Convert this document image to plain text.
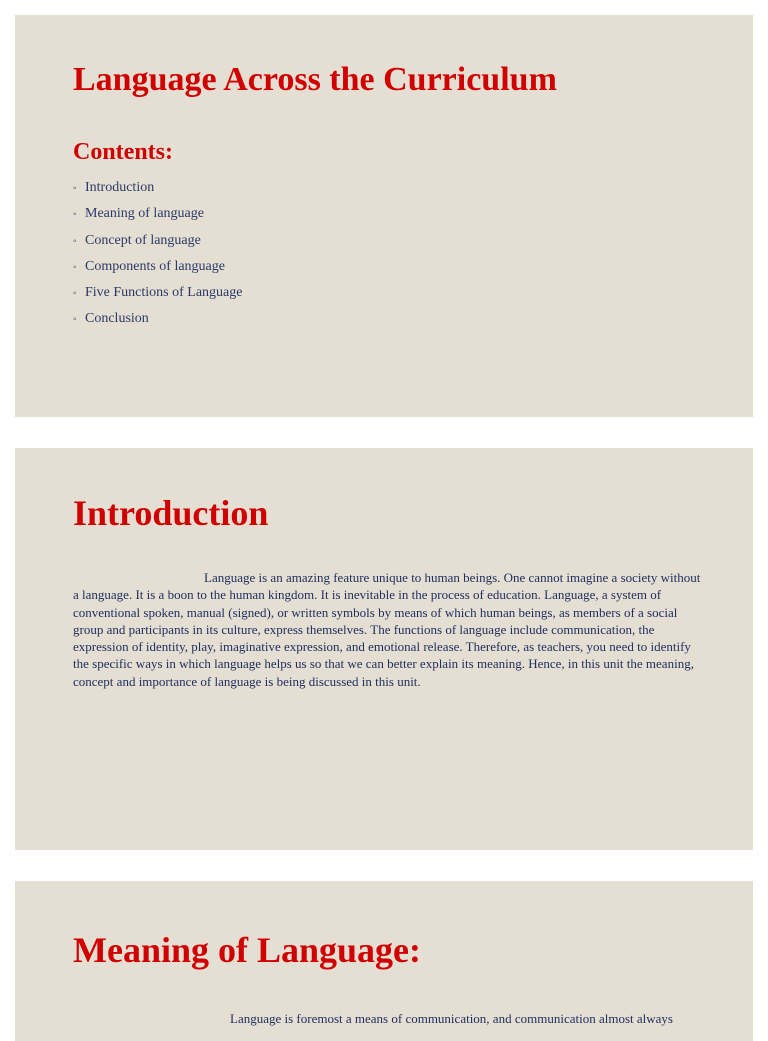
Language Across the Curriculum
Contents:
◦ Introduction
◦ Meaning of language
◦ Concept of language
◦ Components of language
◦ Five Functions of Language
◦ Conclusion
Introduction

Language is an amazing feature unique to human beings. One cannot imagine a society without a language. It is a boon to the human kingdom. It is inevitable in the process of education. Language, a system of conventional spoken, manual (signed), or written symbols by means of which human beings, as members of a social group and participants in its culture, express themselves. The functions of language include communication, the expression of identity, play, imaginative expression, and emotional release. Therefore, as teachers, you need to identify the specific ways in which language helps us so that we can better explain its meaning. Hence, in this unit the meaning, concept and importance of language is being discussed in this unit.

Meaning of Language:

Language is foremost a means of communication, and communication almost always
